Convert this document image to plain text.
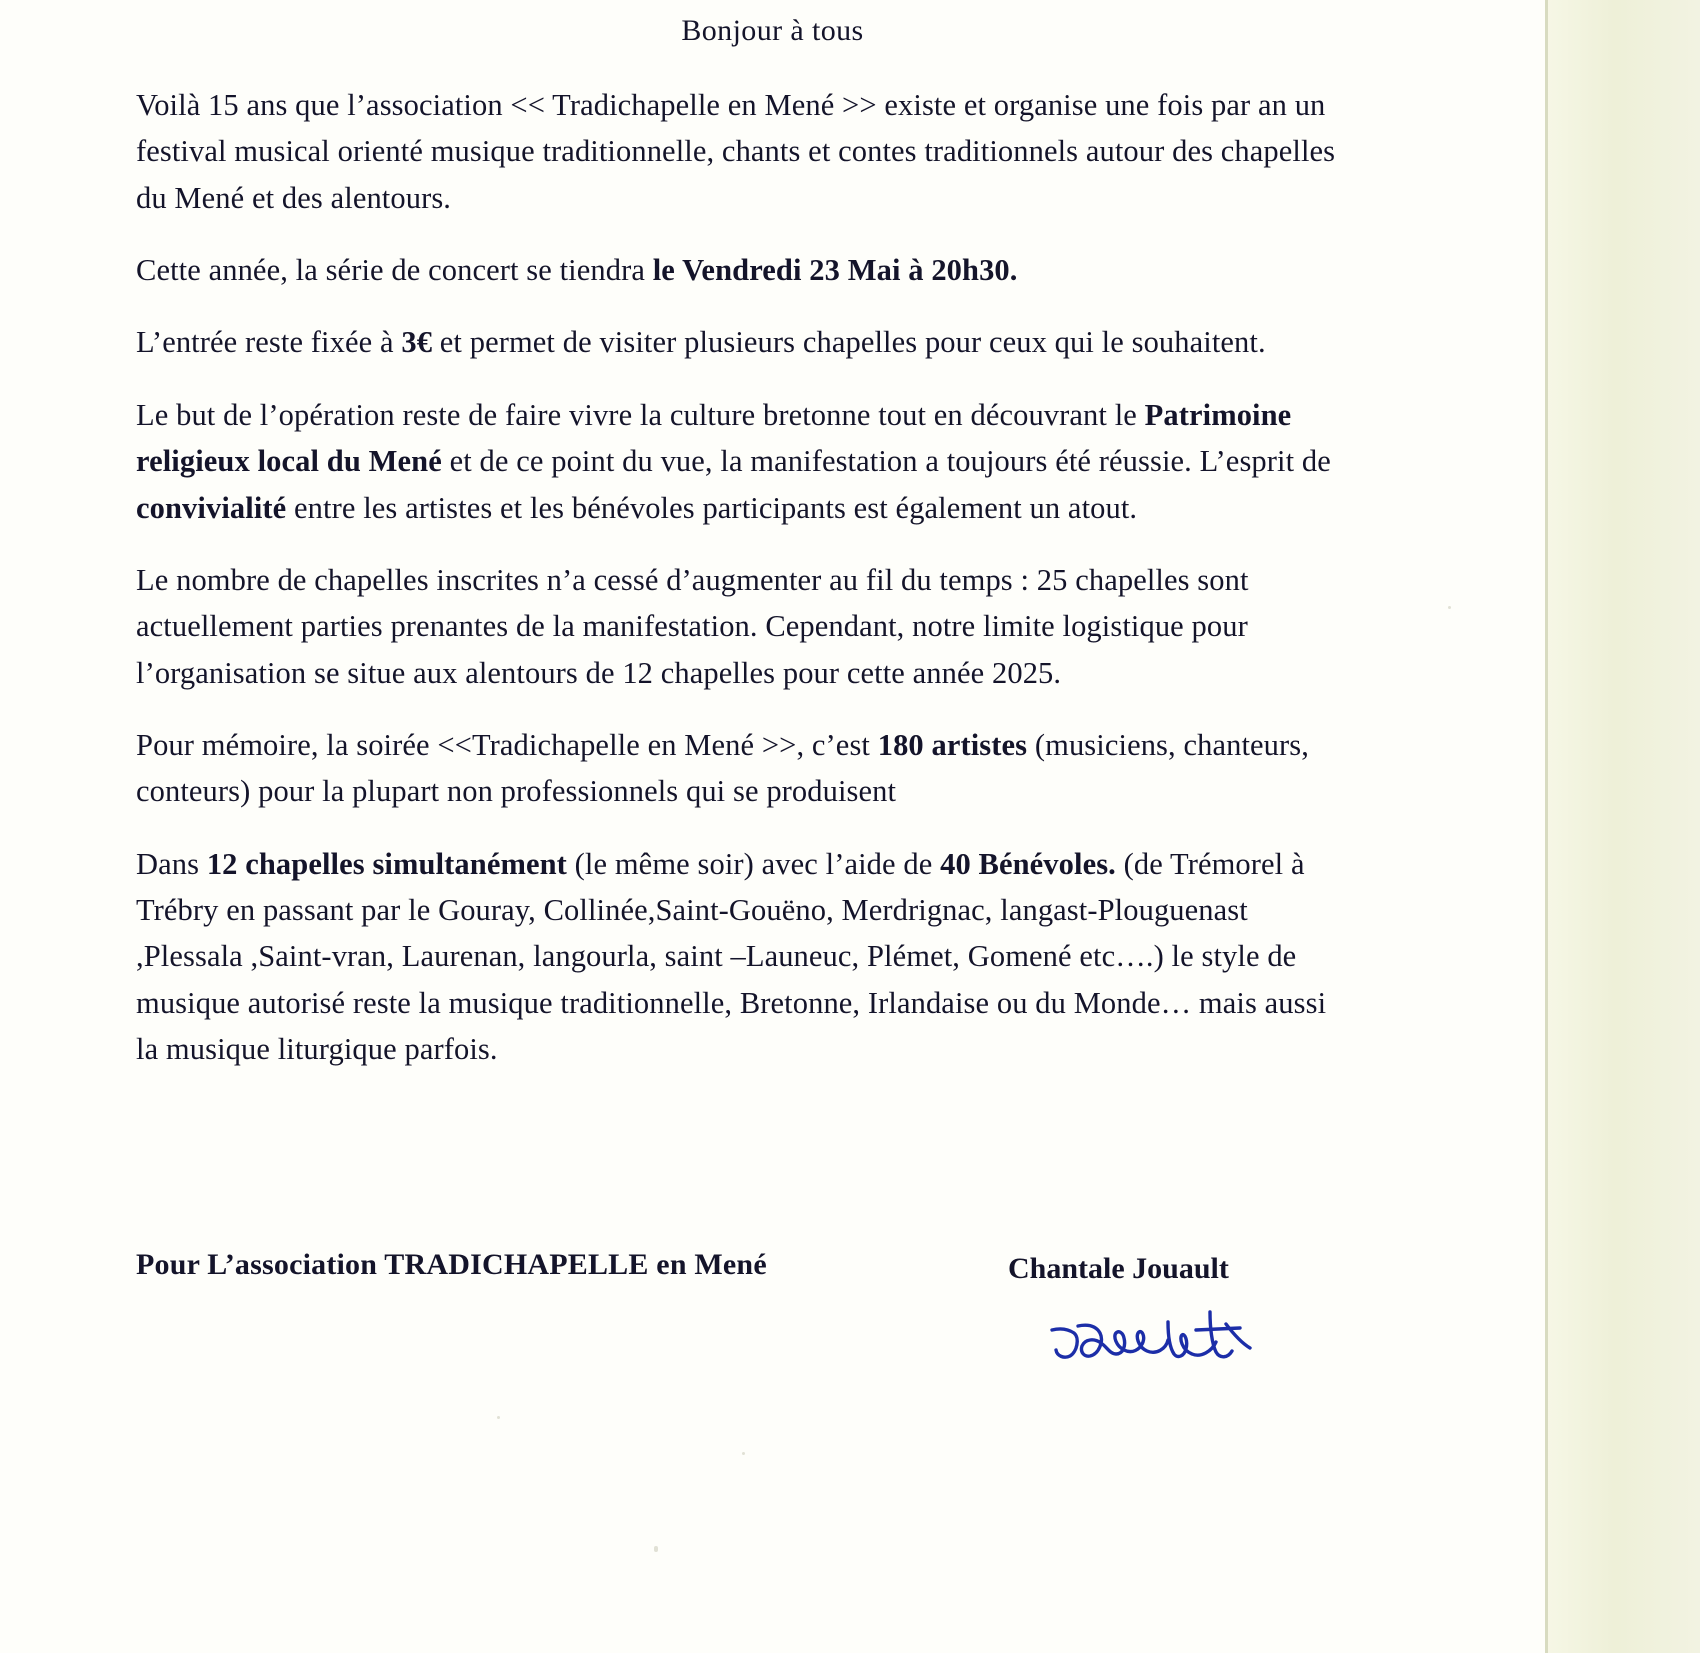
Bonjour à tous

Voilà 15 ans que l’association << Tradichapelle en Mené >> existe et organise une fois par an un festival musical orienté musique traditionnelle, chants et contes traditionnels autour des chapelles du Mené et des alentours.

Cette année, la série de concert se tiendra le Vendredi 23 Mai à 20h30.

L’entrée reste fixée à 3€ et permet de visiter plusieurs chapelles pour ceux qui le souhaitent.

Le but de l’opération reste de faire vivre la culture bretonne tout en découvrant le Patrimoine religieux local du Mené et de ce point du vue, la manifestation a toujours été réussie. L’esprit de convivialité entre les artistes et les bénévoles participants est également un atout.

Le nombre de chapelles inscrites n’a cessé d’augmenter au fil du temps : 25 chapelles sont actuellement parties prenantes de la manifestation. Cependant, notre limite logistique pour l’organisation se situe aux alentours de 12 chapelles pour cette année 2025.

Pour mémoire, la soirée <<Tradichapelle en Mené >>, c’est 180 artistes (musiciens, chanteurs, conteurs) pour la plupart non professionnels qui se produisent

Dans 12 chapelles simultanément (le même soir) avec l’aide de 40 Bénévoles. (de Trémorel à Trébry en passant par le Gouray, Collinée,Saint-Gouëno, Merdrignac, langast-Plouguenast ,Plessala ,Saint-vran, Laurenan, langourla, saint –Launeuc, Plémet, Gomené etc….) le style de musique autorisé reste la musique traditionnelle, Bretonne, Irlandaise ou du Monde… mais aussi la musique liturgique parfois.

Pour L’association TRADICHAPELLE en Mené	Chantale Jouault
